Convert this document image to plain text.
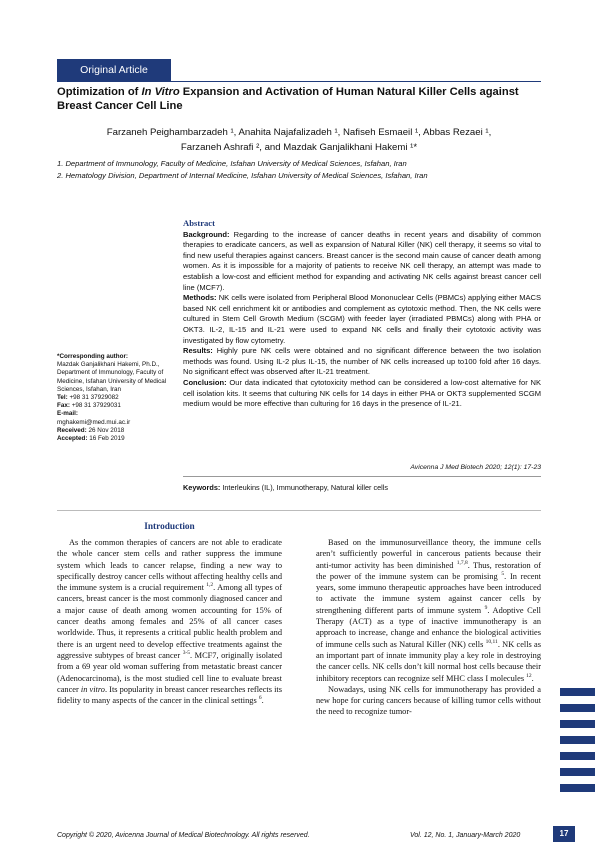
Original Article
Optimization of In Vitro Expansion and Activation of Human Natural Killer Cells against Breast Cancer Cell Line
Farzaneh Peighambarzadeh ¹, Anahita Najafalizadeh ¹, Nafiseh Esmaeil ¹, Abbas Rezaei ¹,
Farzaneh Ashrafi ², and Mazdak Ganjalikhani Hakemi ¹*
1. Department of Immunology, Faculty of Medicine, Isfahan University of Medical Sciences, Isfahan, Iran
2. Hematology Division, Department of Internal Medicine, Isfahan University of Medical Sciences, Isfahan, Iran
Abstract

Background: Regarding to the increase of cancer deaths in recent years and disability of common therapies to eradicate cancers, as well as expansion of Natural Killer (NK) cell therapy, it seems so vital to find new useful therapies against cancers. Breast cancer is the second main cause of cancer death among women. As it is impossible for a majority of patients to receive NK cell therapy, an attempt was made to establish a low-cost and efficient method for expanding and activating NK cells against breast cancer cell line (MCF7).

Methods: NK cells were isolated from Peripheral Blood Mononuclear Cells (PBMCs) applying either MACS based NK cell enrichment kit or antibodies and complement as cytotoxic method. Then, the NK cells were cultured in Stem Cell Growth Medium (SCGM) with feeder layer (irradiated PBMCs) along with PHA or OKT3. IL-2, IL-15 and IL-21 were used to expand NK cells and finally their cytotoxic activity was investigated by flow cytometry.

Results: Highly pure NK cells were obtained and no significant difference between the two isolation methods was found. Using IL-2 plus IL-15, the number of NK cells increased up to100 fold after 16 days. No significant effect was observed after IL-21 treatment.

Conclusion: Our data indicated that cytotoxicity method can be considered a low-cost alternative for NK cell isolation kits. It seems that culturing NK cells for 14 days in either PHA or OKT3 supplemented SCGM medium would be more effective than culturing for 16 days in the presence of IL-21.

Avicenna J Med Biotech 2020; 12(1): 17-23
Keywords: Interleukins (IL), Immunotherapy, Natural killer cells
*Corresponding author:
Mazdak Ganjalikhani Hakemi, Ph.D., Department of Immunology, Faculty of Medicine, Isfahan University of Medical Sciences, Isfahan, Iran
Tel: +98 31 37929082
Fax: +98 31 37929031
E-mail:
mghakemi@med.mui.ac.ir
Received: 26 Nov 2018
Accepted: 16 Feb 2019
Introduction

As the common therapies of cancers are not able to eradicate the whole cancer stem cells and rather suppress the immune system which leads to cancer relapse, finding a new way to specifically destroy cancer cells without affecting healthy cells and the immune system is a crucial requirement $^{1,2}$. Among all types of cancers, breast cancer is the most commonly diagnosed cancer and a major cause of death among women accounting for 15% of cancer deaths among females and 25% of all cancer cases worldwide. Thus, it represents a critical public health problem and there is an urgent need to develop effective treatments against the aggressive subtypes of breast cancer $^{3-5}$. MCF7, originally isolated from a 69 year old woman suffering from metastatic breast cancer (Adenocarcinoma), is the most studied cell line to evaluate breast cancer in vitro. Its popularity in breast cancer researches reflects its fidelity to many aspects of the cancer in the clinical settings $^6$.

Based on the immunosurveillance theory, the immune cells aren’t sufficiently powerful in cancerous patients because their anti-tumor activity has been diminished $^{1,7,8}$. Thus, restoration of the power of the immune system can be promising $^5$. In recent years, some immuno therapeutic approaches have been introduced to activate the immune system against cancer cells by strengthening different parts of immune system $^9$. Adoptive Cell Therapy (ACT) as a type of inactive immunotherapy is an approach to increase, change and enhance the biological activities of immune cells such as Natural Killer (NK) cells $^{10,11}$. NK cells as an important part of innate immunity play a key role in destroying the cancer cells. NK cells don’t kill normal host cells because their inhibitory receptors can recognize self MHC class I molecules $^{12}$.

Nowadays, using NK cells for immunotherapy has provided a new hope for curing cancers because of killing tumor cells without the need to recognize tumor-

Copyright © 2020, Avicenna Journal of Medical Biotechnology. All rights reserved.	Vol. 12, No. 1, January-March 2020	17
